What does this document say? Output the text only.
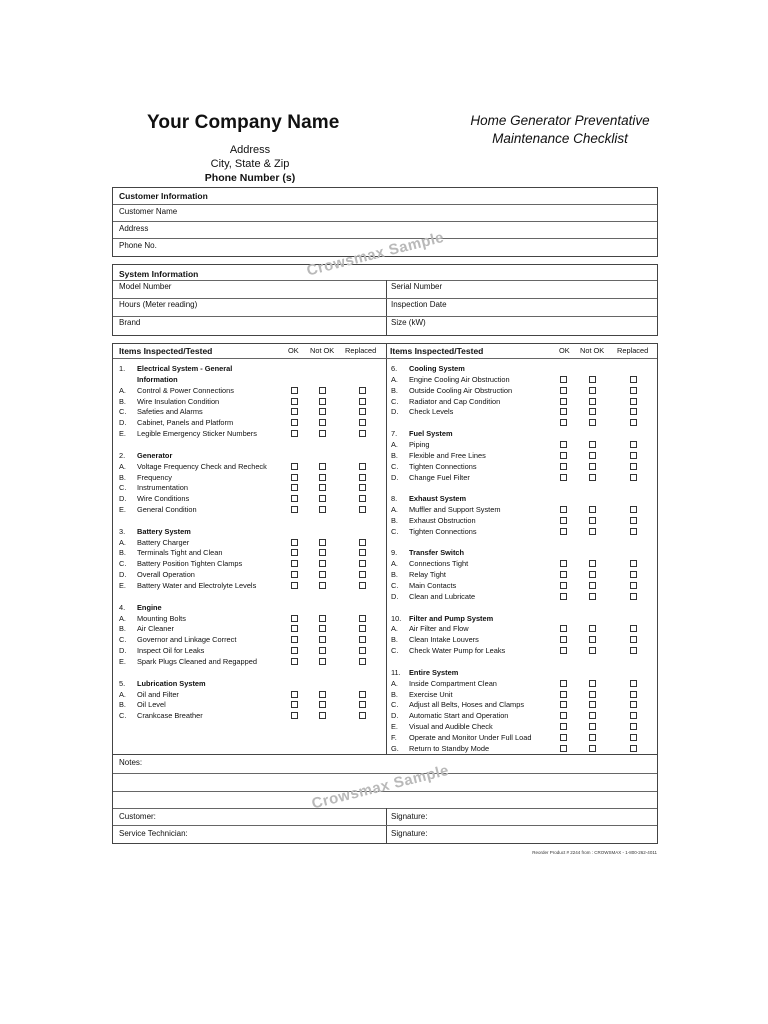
Your Company Name
Address
City, State & Zip
Phone Number (s)
Home Generator Preventative
Maintenance Checklist
Customer Information
Customer Name
Address
Phone No.
System Information
Model Number	Serial Number
Hours (Meter reading)	Inspection Date
Brand	Size (kW)
Items Inspected/Tested	OK Not OK Replaced
1. Electrical System - General
Information
A. Control & Power Connections
B. Wire Insulation Condition
C. Safeties and Alarms
D. Cabinet, Panels and Platform
E. Legible Emergency Sticker Numbers
2. Generator
A. Voltage Frequency Check and Recheck
B. Frequency
C. Instrumentation
D. Wire Conditions
E. General Condition
3. Battery System
A. Battery Charger
B. Terminals Tight and Clean
C. Battery Position Tighten Clamps
D. Overall Operation
E. Battery Water and Electrolyte Levels
4. Engine
A. Mounting Bolts
B. Air Cleaner
C. Governor and Linkage Correct
D. Inspect Oil for Leaks
E. Spark Plugs Cleaned and Regapped
5. Lubrication System
A. Oil and Filter
B. Oil Level
C. Crankcase Breather
Items Inspected/Tested	OK Not OK Replaced
6. Cooling System
A. Engine Cooling Air Obstruction
B. Outside Cooling Air Obstruction
C. Radiator and Cap Condition
D. Check Levels
7. Fuel System
A. Piping
B. Flexible and Free Lines
C. Tighten Connections
D. Change Fuel Filter
8. Exhaust System
A. Muffler and Support System
B. Exhaust Obstruction
C. Tighten Connections
9. Transfer Switch
A. Connections Tight
B. Relay Tight
C. Main Contacts
D. Clean and Lubricate
10. Filter and Pump System
A. Air Filter and Flow
B. Clean Intake Louvers
C. Check Water Pump for Leaks
11. Entire System
A. Inside Compartment Clean
B. Exercise Unit
C. Adjust all Belts, Hoses and Clamps
D. Automatic Start and Operation
E. Visual and Audible Check
F. Operate and Monitor Under Full Load
G. Return to Standby Mode
Notes:
Customer:	Signature:
Service Technician:	Signature:
Crowsmax Sample
Crowsmax Sample
Reorder Product # 2244 from : CROWSMAX - 1-800-262-4011
